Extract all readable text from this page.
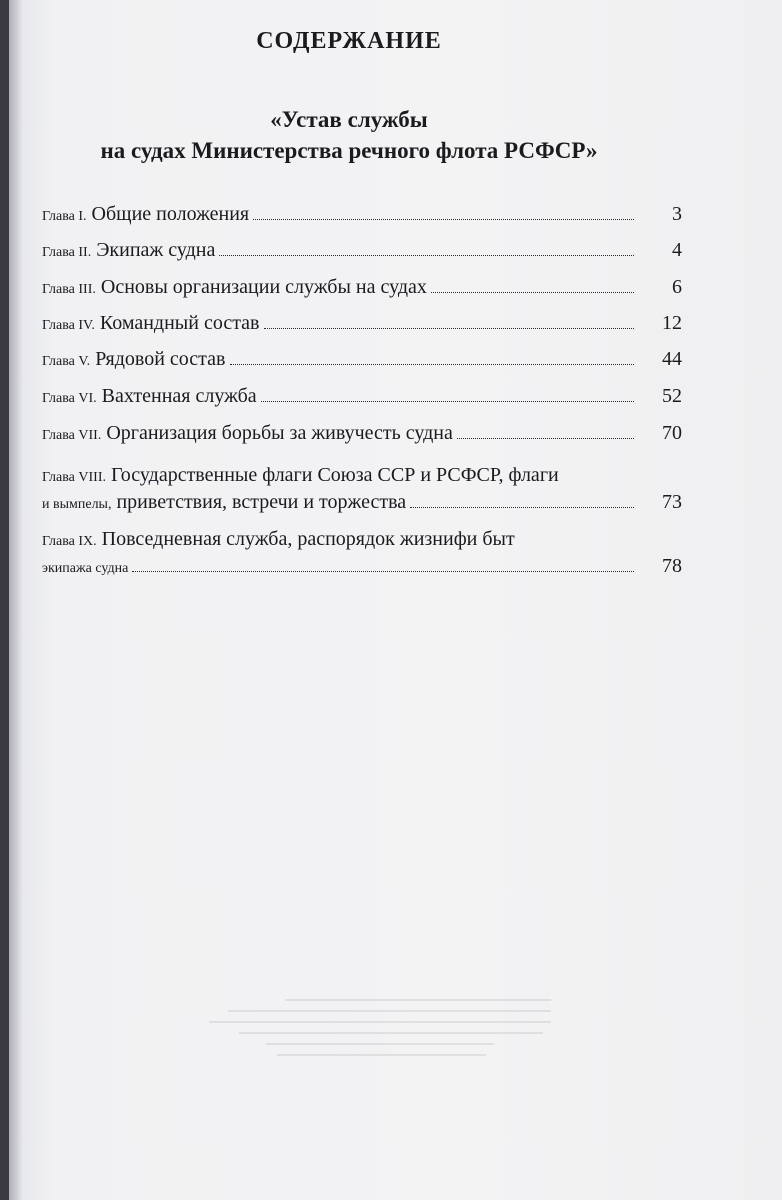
СОДЕРЖАНИЕ
«Устав службы
на судах Министерства речного флота РСФСР»
Глава I. Общие положения	3
Глава II. Экипаж судна	4
Глава III. Основы организации службы на судах	6
Глава IV. Командный состав	12
Глава V. Рядовой состав	44
Глава VI. Вахтенная служба	52
Глава VII. Организация борьбы за живучесть судна	70
Глава VIII. Государственные флаги Союза ССР и РСФСР, флаги
и вымпелы, приветствия, встречи и торжества	73
Глава IX. Повседневная служба, распорядок жизнифи быт
экипажа судна	78
